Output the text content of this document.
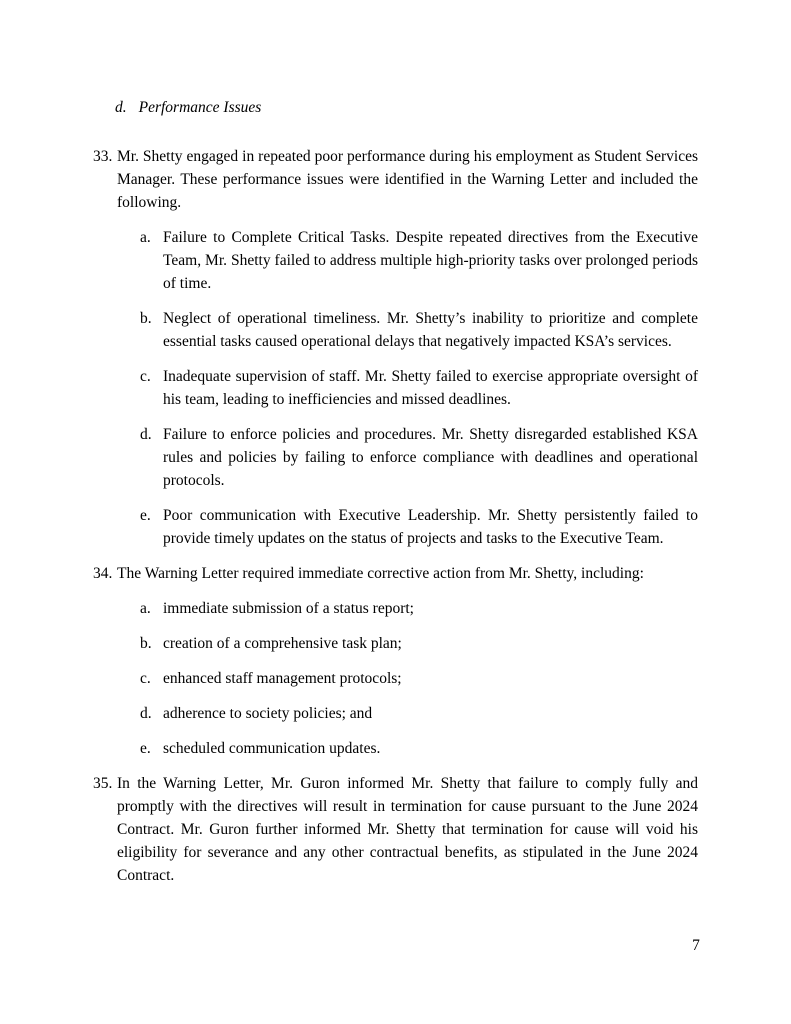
d. Performance Issues
33. Mr. Shetty engaged in repeated poor performance during his employment as Student Services Manager. These performance issues were identified in the Warning Letter and included the following.
a. Failure to Complete Critical Tasks. Despite repeated directives from the Executive Team, Mr. Shetty failed to address multiple high-priority tasks over prolonged periods of time.
b. Neglect of operational timeliness. Mr. Shetty’s inability to prioritize and complete essential tasks caused operational delays that negatively impacted KSA’s services.
c. Inadequate supervision of staff. Mr. Shetty failed to exercise appropriate oversight of his team, leading to inefficiencies and missed deadlines.
d. Failure to enforce policies and procedures. Mr. Shetty disregarded established KSA rules and policies by failing to enforce compliance with deadlines and operational protocols.
e. Poor communication with Executive Leadership. Mr. Shetty persistently failed to provide timely updates on the status of projects and tasks to the Executive Team.
34. The Warning Letter required immediate corrective action from Mr. Shetty, including:
a. immediate submission of a status report;
b. creation of a comprehensive task plan;
c. enhanced staff management protocols;
d. adherence to society policies; and
e. scheduled communication updates.
35. In the Warning Letter, Mr. Guron informed Mr. Shetty that failure to comply fully and promptly with the directives will result in termination for cause pursuant to the June 2024 Contract. Mr. Guron further informed Mr. Shetty that termination for cause will void his eligibility for severance and any other contractual benefits, as stipulated in the June 2024 Contract.
7
